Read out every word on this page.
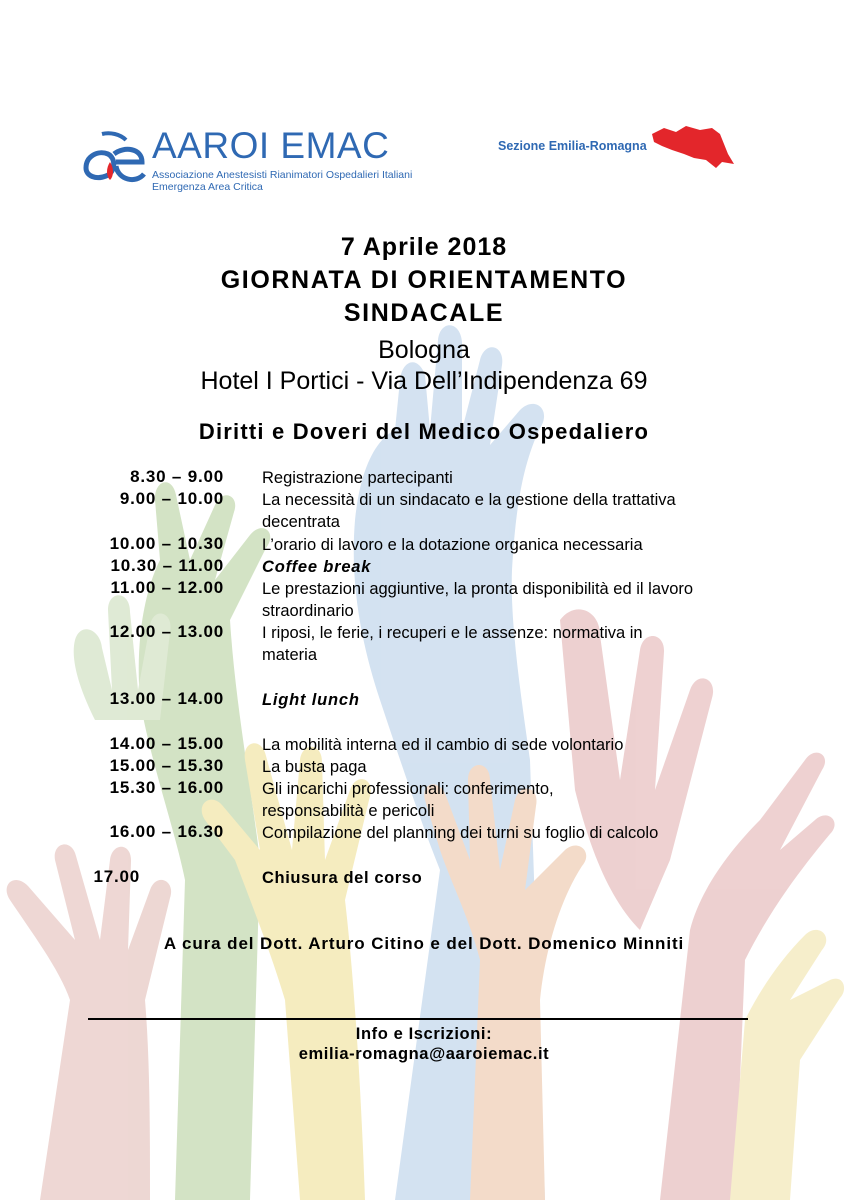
AAROI EMAC
Associazione Anestesisti Rianimatori Ospedalieri Italiani
Emergenza Area Critica
Sezione Emilia-Romagna
7 Aprile 2018
GIORNATA DI ORIENTAMENTO
SINDACALE
Bologna
Hotel I Portici - Via Dell’Indipendenza 69
Diritti e Doveri del Medico Ospedaliero
8.30 – 9.00 Registrazione partecipanti
9.00 – 10.00 La necessità di un sindacato e la gestione della trattativa
decentrata
10.00 – 10.30 L’orario di lavoro e la dotazione organica necessaria
10.30 – 11.00 Coffee break
11.00 – 12.00 Le prestazioni aggiuntive, la pronta disponibilità ed il lavoro
straordinario
12.00 – 13.00 I riposi, le ferie, i recuperi e le assenze: normativa in
materia
13.00 – 14.00 Light lunch
14.00 – 15.00 La mobilità interna ed il cambio di sede volontario
15.00 – 15.30 La busta paga
15.30 – 16.00 Gli incarichi professionali: conferimento,
responsabilità e pericoli
16.00 – 16.30 Compilazione del planning dei turni su foglio di calcolo
17.00	Chiusura del corso
A cura del Dott. Arturo Citino e del Dott. Domenico Minniti
Info e Iscrizioni:
emilia-romagna@aaroiemac.it
